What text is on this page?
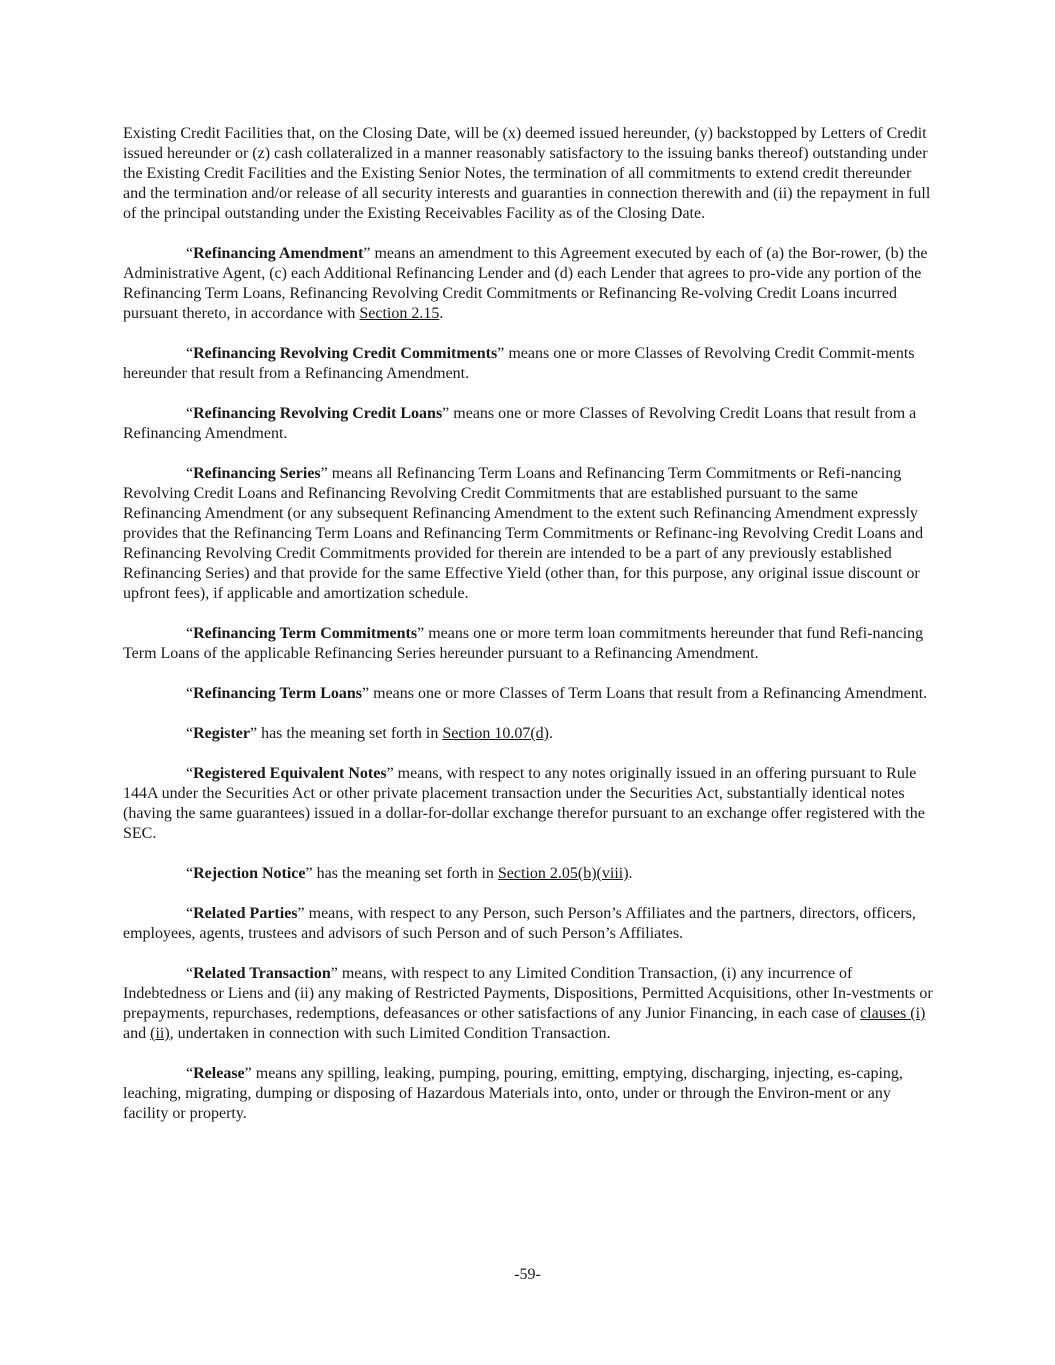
Existing Credit Facilities that, on the Closing Date, will be (x) deemed issued hereunder, (y) backstopped by Letters of Credit issued hereunder or (z) cash collateralized in a manner reasonably satisfactory to the issuing banks thereof) outstanding under the Existing Credit Facilities and the Existing Senior Notes, the termination of all commitments to extend credit thereunder and the termination and/or release of all security interests and guaranties in connection therewith and (ii) the repayment in full of the principal outstanding under the Existing Receivables Facility as of the Closing Date.

“Refinancing Amendment” means an amendment to this Agreement executed by each of (a) the Bor-rower, (b) the Administrative Agent, (c) each Additional Refinancing Lender and (d) each Lender that agrees to pro-vide any portion of the Refinancing Term Loans, Refinancing Revolving Credit Commitments or Refinancing Re-volving Credit Loans incurred pursuant thereto, in accordance with Section 2.15.

“Refinancing Revolving Credit Commitments” means one or more Classes of Revolving Credit Commit-ments hereunder that result from a Refinancing Amendment.

“Refinancing Revolving Credit Loans” means one or more Classes of Revolving Credit Loans that result from a Refinancing Amendment.

“Refinancing Series” means all Refinancing Term Loans and Refinancing Term Commitments or Refi-nancing Revolving Credit Loans and Refinancing Revolving Credit Commitments that are established pursuant to the same Refinancing Amendment (or any subsequent Refinancing Amendment to the extent such Refinancing Amendment expressly provides that the Refinancing Term Loans and Refinancing Term Commitments or Refinanc-ing Revolving Credit Loans and Refinancing Revolving Credit Commitments provided for therein are intended to be a part of any previously established Refinancing Series) and that provide for the same Effective Yield (other than, for this purpose, any original issue discount or upfront fees), if applicable and amortization schedule.

“Refinancing Term Commitments” means one or more term loan commitments hereunder that fund Refi-nancing Term Loans of the applicable Refinancing Series hereunder pursuant to a Refinancing Amendment.

“Refinancing Term Loans” means one or more Classes of Term Loans that result from a Refinancing Amendment.

“Register” has the meaning set forth in Section 10.07(d).

“Registered Equivalent Notes” means, with respect to any notes originally issued in an offering pursuant to Rule 144A under the Securities Act or other private placement transaction under the Securities Act, substantially identical notes (having the same guarantees) issued in a dollar-for-dollar exchange therefor pursuant to an exchange offer registered with the SEC.

“Rejection Notice” has the meaning set forth in Section 2.05(b)(viii).

“Related Parties” means, with respect to any Person, such Person’s Affiliates and the partners, directors, officers, employees, agents, trustees and advisors of such Person and of such Person’s Affiliates.

“Related Transaction” means, with respect to any Limited Condition Transaction, (i) any incurrence of Indebtedness or Liens and (ii) any making of Restricted Payments, Dispositions, Permitted Acquisitions, other In-vestments or prepayments, repurchases, redemptions, defeasances or other satisfactions of any Junior Financing, in each case of clauses (i) and (ii), undertaken in connection with such Limited Condition Transaction.

“Release” means any spilling, leaking, pumping, pouring, emitting, emptying, discharging, injecting, es-caping, leaching, migrating, dumping or disposing of Hazardous Materials into, onto, under or through the Environ-ment or any facility or property.

-59-
